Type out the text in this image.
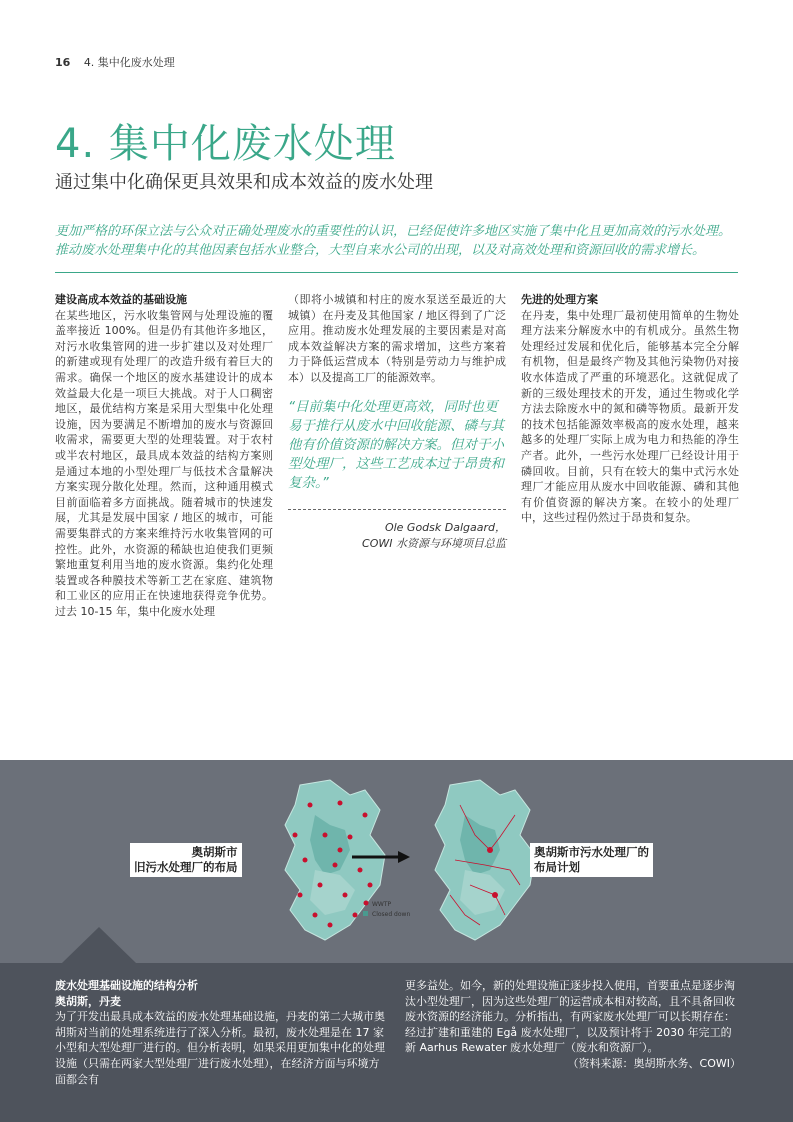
16 4. 集中化废水处理
4. 集中化废水处理
通过集中化确保更具效果和成本效益的废水处理
更加严格的环保立法与公众对正确处理废水的重要性的认识，已经促使许多地区实施了集中化且更加高效的污水处理。推动废水处理集中化的其他因素包括水业整合，大型自来水公司的出现，以及对高效处理和资源回收的需求增长。
建设高成本效益的基础设施

在某些地区，污水收集管网与处理设施的覆盖率接近 100%。但是仍有其他许多地区，对污水收集管网的进一步扩建以及对处理厂的新建或现有处理厂的改造升级有着巨大的需求。确保一个地区的废水基建设计的成本效益最大化是一项巨大挑战。对于人口稠密地区，最优结构方案是采用大型集中化处理设施，因为要满足不断增加的废水与资源回收需求，需要更大型的处理装置。对于农村或半农村地区，最具成本效益的结构方案则是通过本地的小型处理厂与低技术含量解决方案实现分散化处理。然而，这种通用模式目前面临着多方面挑战。随着城市的快速发展，尤其是发展中国家 / 地区的城市，可能需要集群式的方案来维持污水收集管网的可控性。此外，水资源的稀缺也迫使我们更频繁地重复利用当地的废水资源。集约化处理装置或各种膜技术等新工艺在家庭、建筑物和工业区的应用正在快速地获得竞争优势。过去 10-15 年，集中化废水处理

（即将小城镇和村庄的废水泵送至最近的大城镇）在丹麦及其他国家 / 地区得到了广泛应用。推动废水处理发展的主要因素是对高成本效益解决方案的需求增加，这些方案着力于降低运营成本（特别是劳动力与维护成本）以及提高工厂的能源效率。

“目前集中化处理更高效，同时也更易于推行从废水中回收能源、磷与其他有价值资源的解决方案。但对于小型处理厂，这些工艺成本过于昂贵和复杂。”
Ole Godsk Dalgaard，
COWI 水资源与环境项目总监
先进的处理方案

在丹麦，集中处理厂最初使用简单的生物处理方法来分解废水中的有机成分。虽然生物处理经过发展和优化后，能够基本完全分解有机物，但是最终产物及其他污染物仍对接收水体造成了严重的环境恶化。这就促成了新的三级处理技术的开发，通过生物或化学方法去除废水中的氮和磷等物质。最新开发的技术包括能源效率极高的废水处理，越来越多的处理厂实际上成为电力和热能的净生产者。此外，一些污水处理厂已经设计用于磷回收。目前，只有在较大的集中式污水处理厂才能应用从废水中回收能源、磷和其他有价值资源的解决方案。在较小的处理厂中，这些过程仍然过于昂贵和复杂。

WWTP
Closed down
奥胡斯市
旧污水处理厂的布局
奥胡斯市污水处理厂的
布局计划
废水处理基础设施的结构分析
奥胡斯，丹麦
为了开发出最具成本效益的废水处理基础设施，丹麦的第二大城市奥胡斯对当前的处理系统进行了深入分析。最初，废水处理是在 17 家小型和大型处理厂进行的。但分析表明，如果采用更加集中化的处理设施（只需在两家大型处理厂进行废水处理），在经济方面与环境方面都会有
更多益处。如今，新的处理设施正逐步投入使用，首要重点是逐步淘汰小型处理厂，因为这些处理厂的运营成本相对较高，且不具备回收废水资源的经济能力。分析指出，有两家废水处理厂可以长期存在：经过扩建和重建的 Egå 废水处理厂，以及预计将于 2030 年完工的新 Aarhus Rewater 废水处理厂（废水和资源厂）。
（资料来源：奥胡斯水务、COWI）
